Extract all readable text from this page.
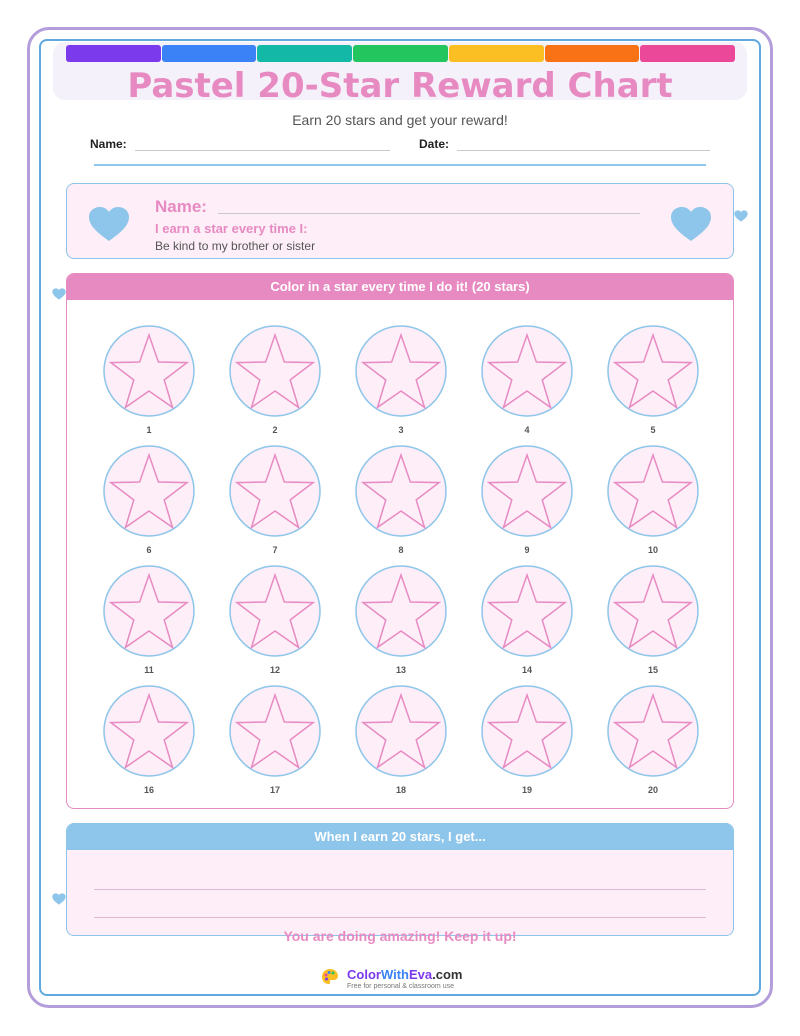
Pastel 20-Star Reward Chart
Earn 20 stars and get your reward!
Name:	Date:
Name:
I earn a star every time I:
Be kind to my brother or sister
Color in a star every time I do it! (20 stars)
1	2	3	4	5
6	7	8	9	10
11	12	13	14	15
16	17	18	19	20
When I earn 20 stars, I get...
You are doing amazing! Keep it up!
ColorWithEva.com
Free for personal & classroom use
